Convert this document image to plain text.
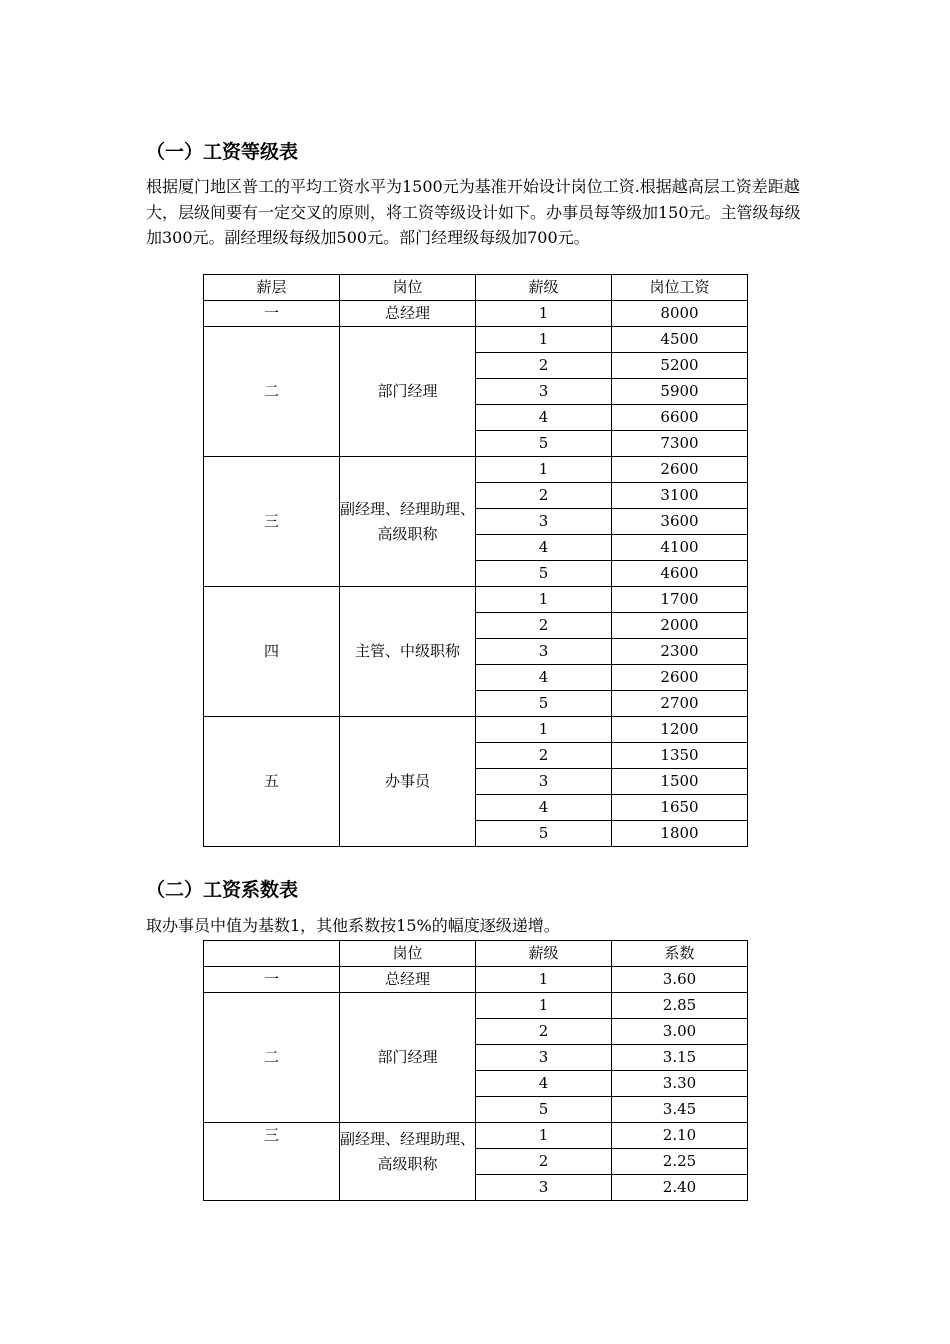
（一）工资等级表

根据厦门地区普工的平均工资水平为1500元为基准开始设计岗位工资.根据越高层工资差距越大，层级间要有一定交叉的原则，将工资等级设计如下。办事员每等级加150元。主管级每级加300元。副经理级每级加500元。部门经理级每级加700元。

薪层	岗位	薪级	岗位工资
一	总经理	1	8000
二	部门经理	1	4500
		2	5200
		3	5900
		4	6600
		5	7300
三	副经理、经理助理、高级职称	1	2600
		2	3100
		3	3600
		4	4100
		5	4600
四	主管、中级职称	1	1700
		2	2000
		3	2300
		4	2600
		5	2700
五	办事员	1	1200
		2	1350
		3	1500
		4	1650
		5	1800
（二）工资系数表

取办事员中值为基数1，其他系数按15%的幅度逐级递增。

	岗位	薪级	系数
一	总经理	1	3.60
二	部门经理	1	2.85
		2	3.00
		3	3.15
		4	3.30
		5	3.45
三	副经理、经理助理、高级职称	1	2.10
		2	2.25
		3	2.40
